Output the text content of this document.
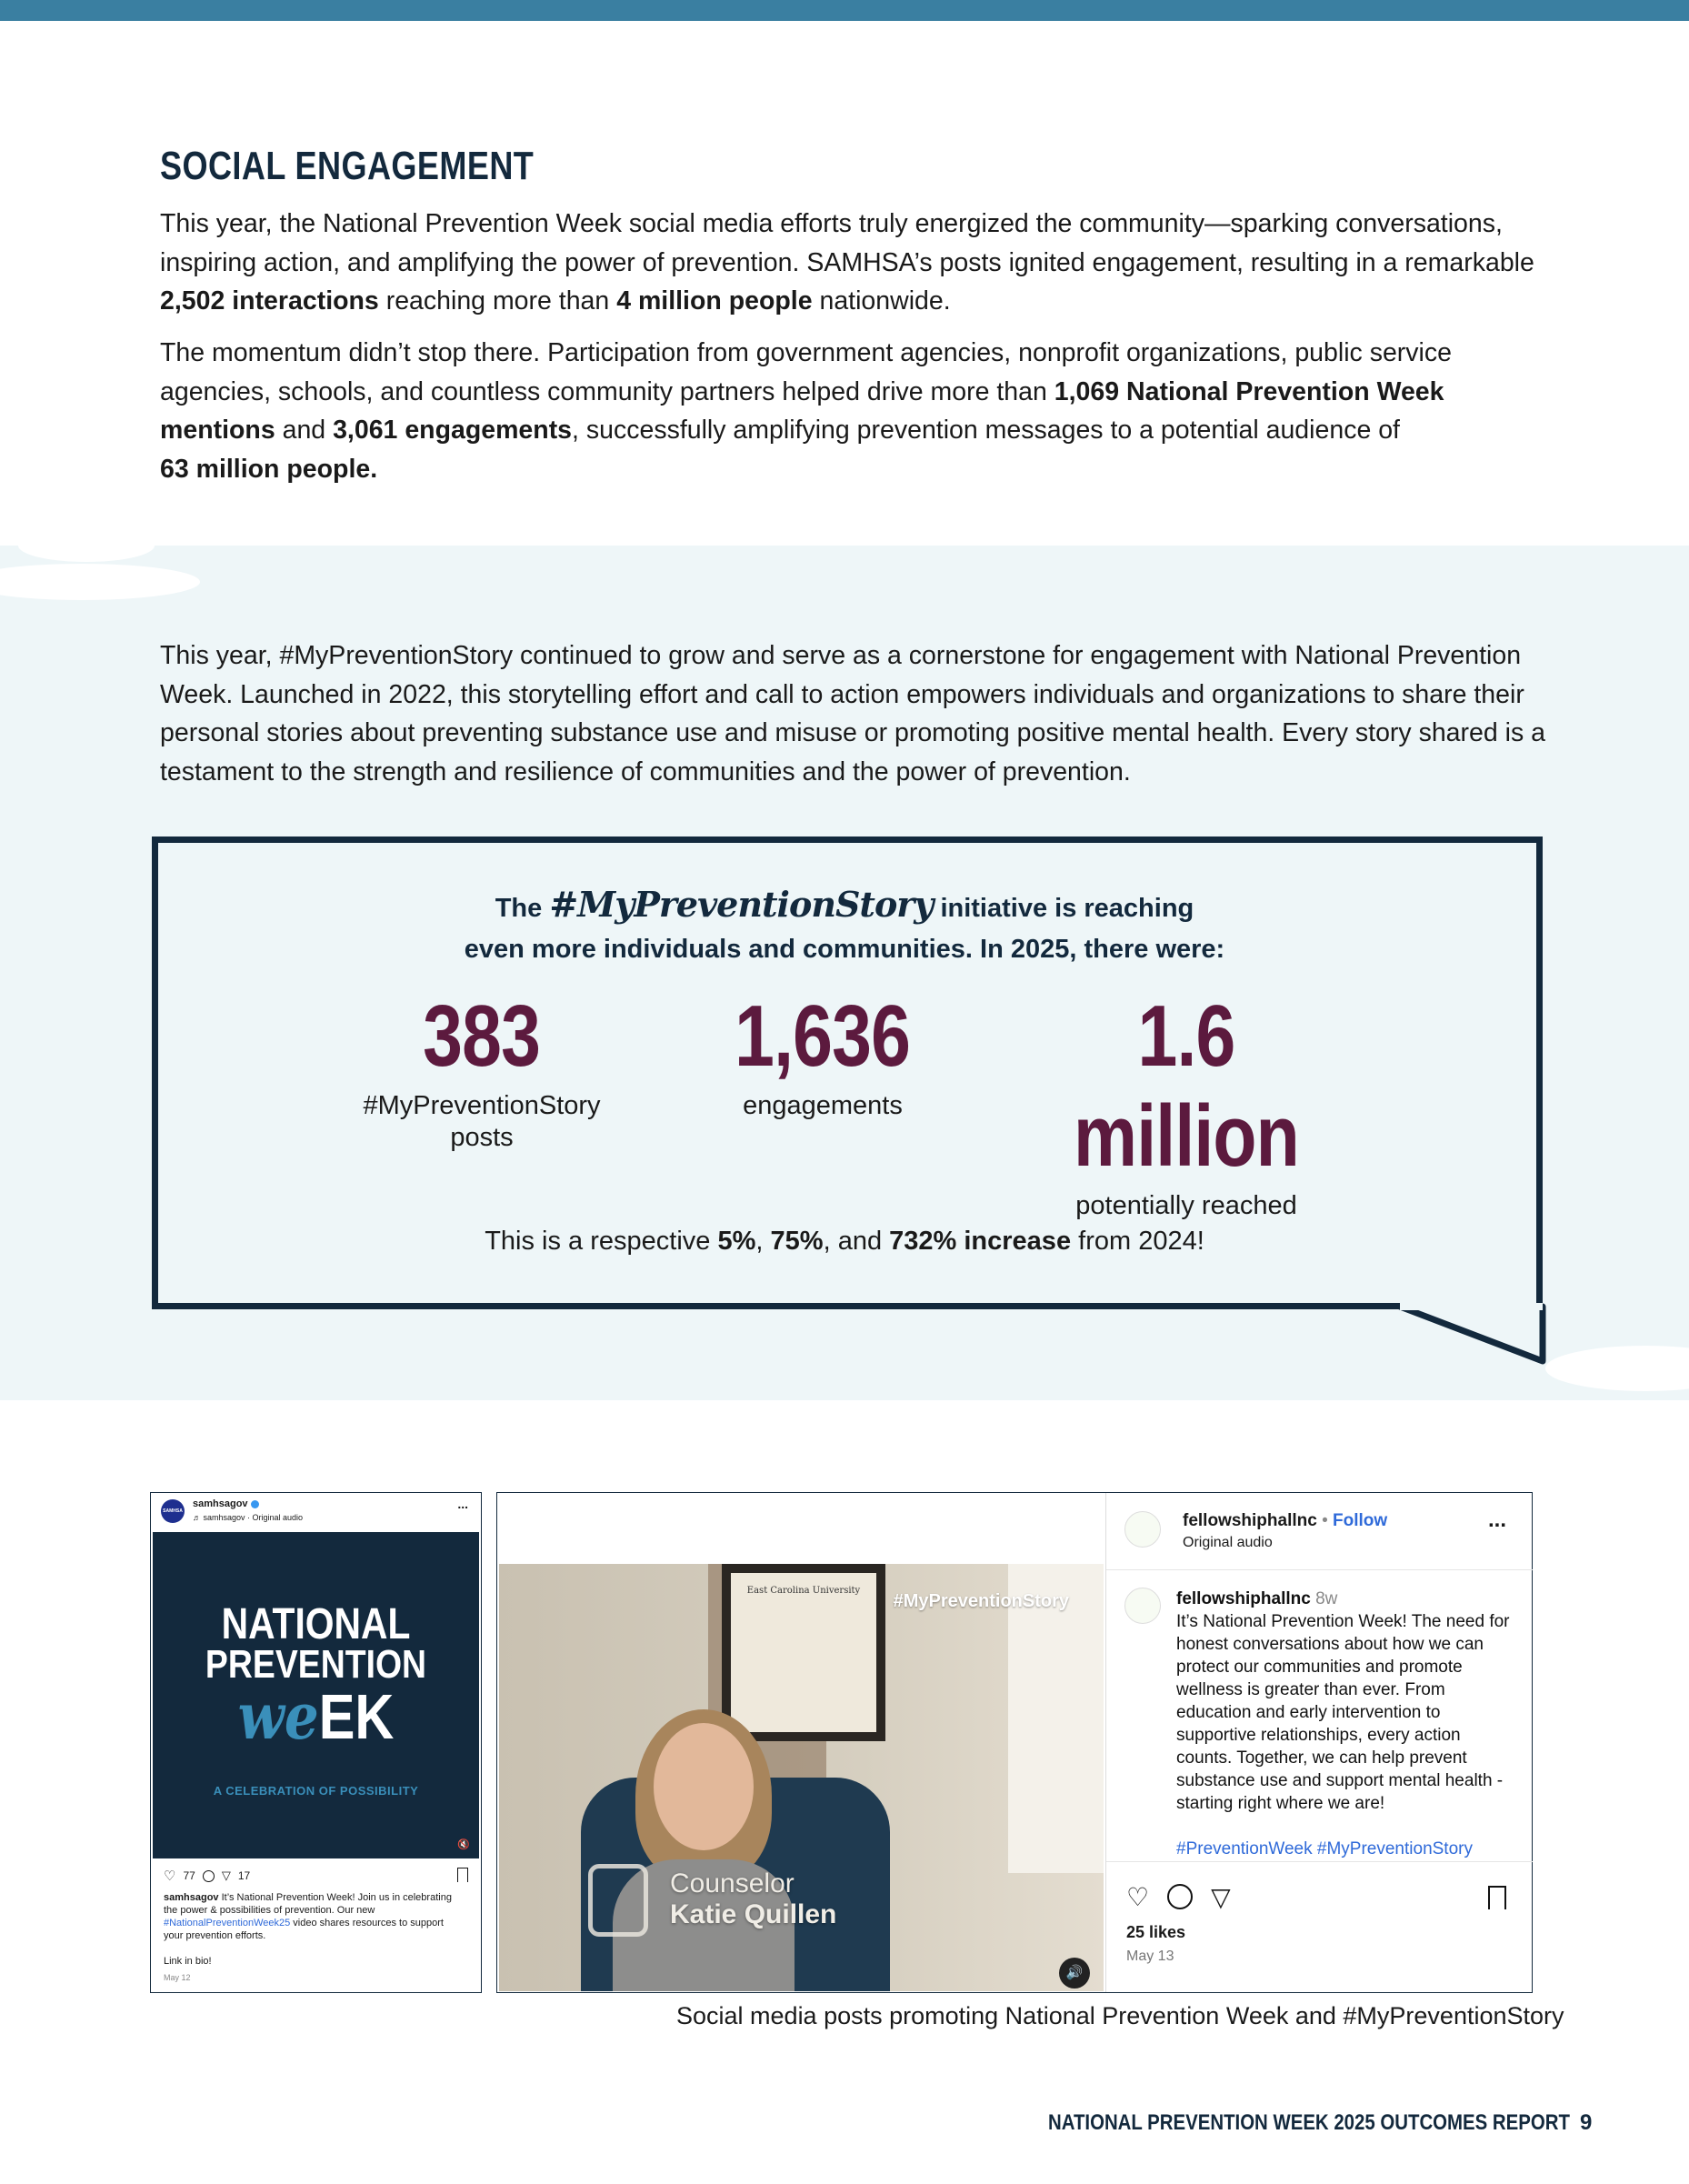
SOCIAL ENGAGEMENT

This year, the National Prevention Week social media efforts truly energized the community—sparking conversations, inspiring action, and amplifying the power of prevention. SAMHSA’s posts ignited engagement, resulting in a remarkable 2,502 interactions reaching more than 4 million people nationwide.

The momentum didn’t stop there. Participation from government agencies, nonprofit organizations, public service agencies, schools, and countless community partners helped drive more than 1,069 National Prevention Week mentions and 3,061 engagements, successfully amplifying prevention messages to a potential audience of
63 million people.

This year, #MyPreventionStory continued to grow and serve as a cornerstone for engagement with National Prevention Week. Launched in 2022, this storytelling effort and call to action empowers individuals and organizations to share their personal stories about preventing substance use and misuse or promoting positive mental health. Every story shared is a testament to the strength and resilience of communities and the power of prevention.

The #MyPreventionStory initiative is reaching
even more individuals and communities. In 2025, there were:
383
#MyPreventionStory posts
1,636
engagements
1.6 million
potentially reached
This is a respective 5%, 75%, and 732% increase from 2024!
SAMHSA
samhsagov
♬ samhsagov · Original audio
...
NATIONAL
PREVENTION
weEK
A CELEBRATION OF POSSIBILITY
🔇
♡ 77 ▽ 17
samhsagov It’s National Prevention Week! Join us in celebrating the power & possibilities of prevention. Our new #NationalPreventionWeek25 video shares resources to support your prevention efforts.

Link in bio!
May 12
East Carolina University
#MyPreventionStory
Counselor
Katie Quillen
🔊
fellowshiphallnc • Follow
Original audio
...
fellowshiphallnc 8w
It’s National Prevention Week! The need for honest conversations about how we can protect our communities and promote wellness is greater than ever. From education and early intervention to supportive relationships, every action counts. Together, we can help prevent substance use and support mental health - starting right where we are!

#PreventionWeek #MyPreventionStory
♡ ▽
25 likes
May 13
Social media posts promoting National Prevention Week and #MyPreventionStory
NATIONAL PREVENTION WEEK 2025 OUTCOMES REPORT 9
